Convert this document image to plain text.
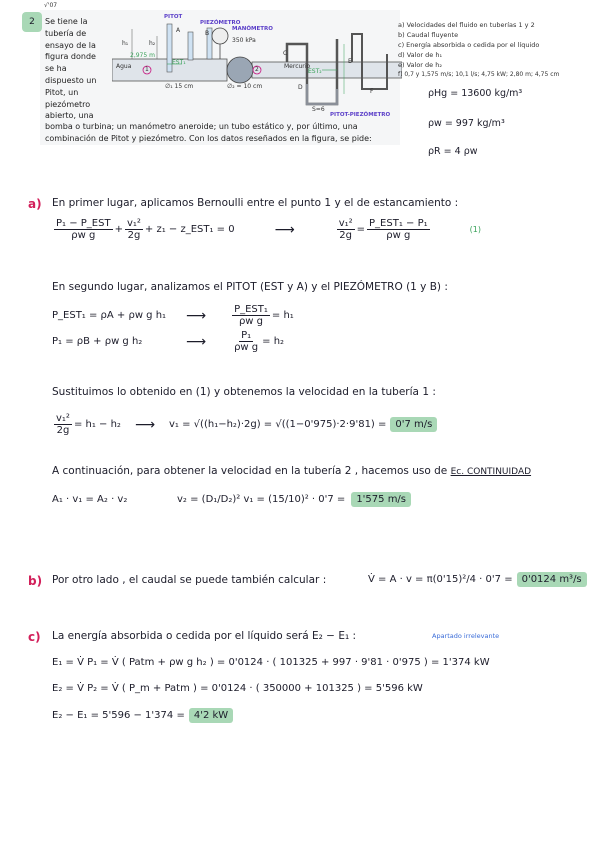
2
√'07
Se tiene la
tubería de
ensayo de la
figura donde
se ha
dispuesto un
Pitot, un
piezómetro
abierto, una
bomba o turbina; un manómetro aneroide; un tubo estático y, por último, una combinación de Pitot y piezómetro. Con los datos reseñados en la figura, se pide:
PITOT
PIEZÓMETRO
MANÓMETRO
350 kPa
Agua	Mercurio
∅₁ 15 cm	∅₂ = 10 cm
PITOT-PIEZÓMETRO
h₁	h₂
2,975 m
EST₁
EST₂
1	2
A	B
C
D
E
F
S=6
a) Velocidades del fluido en tuberías 1 y 2
b) Caudal fluyente
c) Energía absorbida o cedida por el líquido
d) Valor de h₁
e) Valor de h₂
f) 0,7 y 1,575 m/s; 10,1 l/s; 4,75 kW; 2,80 m; 4,75 cm
ρHg = 13600 kg/m³
ρw = 997 kg/m³
ρR = 4 ρw
a) En primer lugar, aplicamos Bernoulli entre el punto 1 y el de estancamiento :
$\frac{\text{P₁ − P\_EST}}{\text{ρw g}} + \frac{\text{v₁²}}{2g} + z_1$ − z_EST₁ = 0	⟶	$\frac{\text{v₁²}}{2g} = \frac{\text{P\_EST₁ − P₁}}{\text{ρw g}}$	(1)
En segundo lugar, analizamos el PITOT (EST y A) y el PIEZÓMETRO (1 y B) :
P_EST₁ = ρA + ρw g h₁ ⟶	$\frac{\text{P\_EST₁}}{\text{ρw g}} = h_1$
P₁ = ρB + ρw g h₂	⟶	$\frac{\text{P₁}}{\text{ρw g}} = h_2$
Sustituimos lo obtenido en (1) y obtenemos la velocidad en la tubería 1 :
$\frac{\text{v₁²}}{2g} = h_1 - h_2$ ⟶ v₁ = √((h₁−h₂)·2g) = √((1−0'975)·2·9'81) = 0'7 m/s
A continuación, para obtener la velocidad en la tubería 2 , hacemos uso de Ec. CONTINUIDAD
A₁ · v₁ = A₂ · v₂	v₂ = (D₁/D₂)² v₁ = (15/10)² · 0'7 =	1'575 m/s
b) Por otro lado , el caudal se puede también calcular :	V̇ = A · v = π(0'15)²/4 · 0'7 = 0'0124 m³/s
c) La energía absorbida o cedida por el líquido será E₂ − E₁ :	Apartado irrelevante
E₁ = V̇ P₁ = V̇ ( Patm + ρw g h₂ ) = 0'0124 · ( 101325 + 997 · 9'81 · 0'975 ) = 1'374 kW
E₂ = V̇ P₂ = V̇ ( P_m + Patm ) = 0'0124 · ( 350000 + 101325 ) = 5'596 kW
E₂ − E₁ = 5'596 − 1'374 = 4'2 kW
